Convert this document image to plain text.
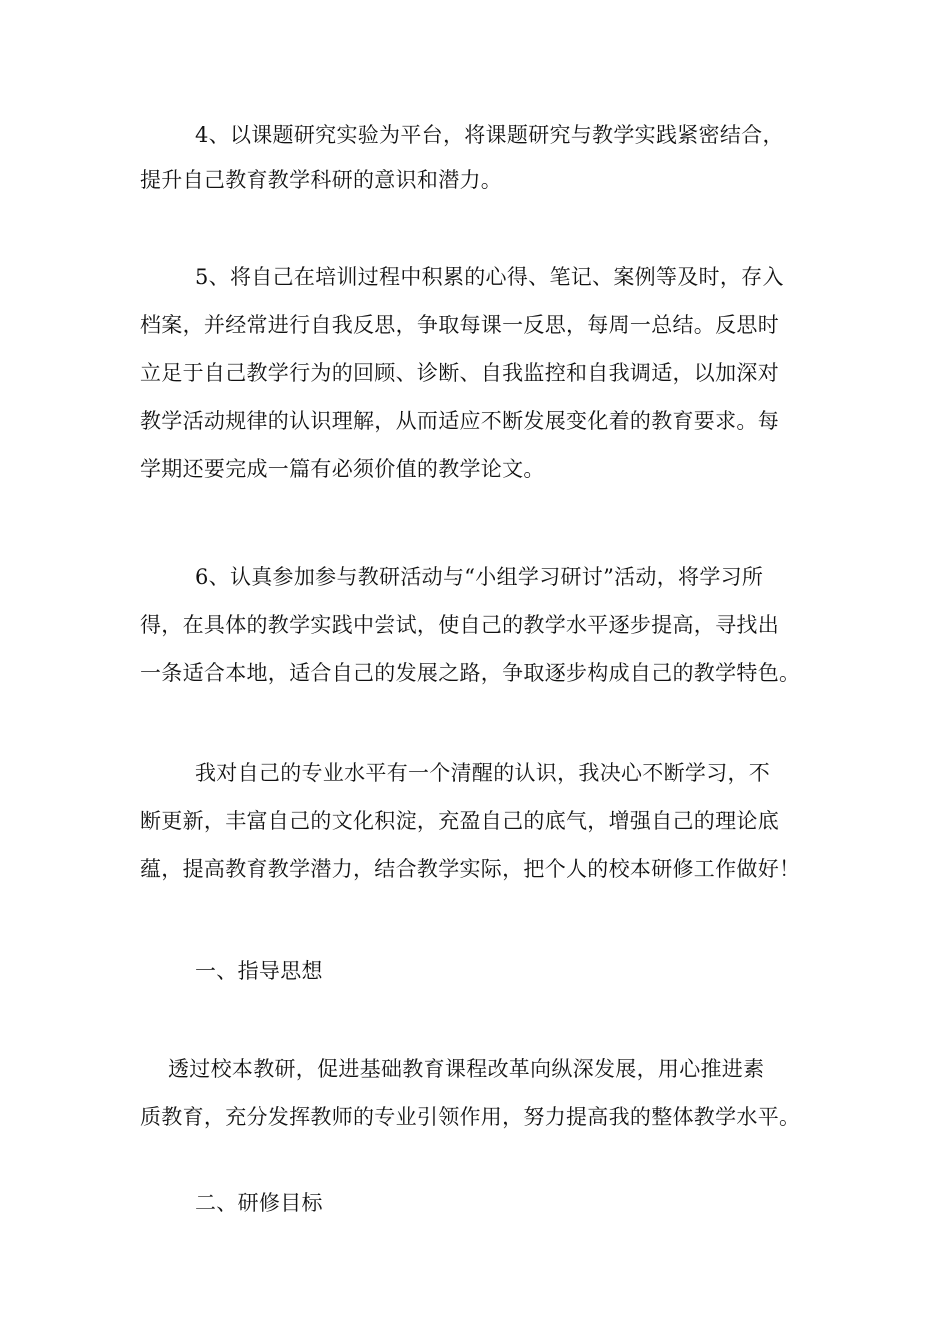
4、以课题研究实验为平台，将课题研究与教学实践紧密结合，
提升自己教育教学科研的意识和潜力。
5、将自己在培训过程中积累的心得、笔记、案例等及时，存入
档案，并经常进行自我反思，争取每课一反思，每周一总结。反思时
立足于自己教学行为的回顾、诊断、自我监控和自我调适，以加深对
教学活动规律的认识理解，从而适应不断发展变化着的教育要求。每
学期还要完成一篇有必须价值的教学论文。
6、认真参加参与教研活动与“小组学习研讨”活动，将学习所
得，在具体的教学实践中尝试，使自己的教学水平逐步提高，寻找出
一条适合本地，适合自己的发展之路，争取逐步构成自己的教学特色。
我对自己的专业水平有一个清醒的认识，我决心不断学习，不
断更新，丰富自己的文化积淀，充盈自己的底气，增强自己的理论底
蕴，提高教育教学潜力，结合教学实际，把个人的校本研修工作做好！
一、指导思想
透过校本教研，促进基础教育课程改革向纵深发展，用心推进素
质教育，充分发挥教师的专业引领作用，努力提高我的整体教学水平。
二、研修目标
